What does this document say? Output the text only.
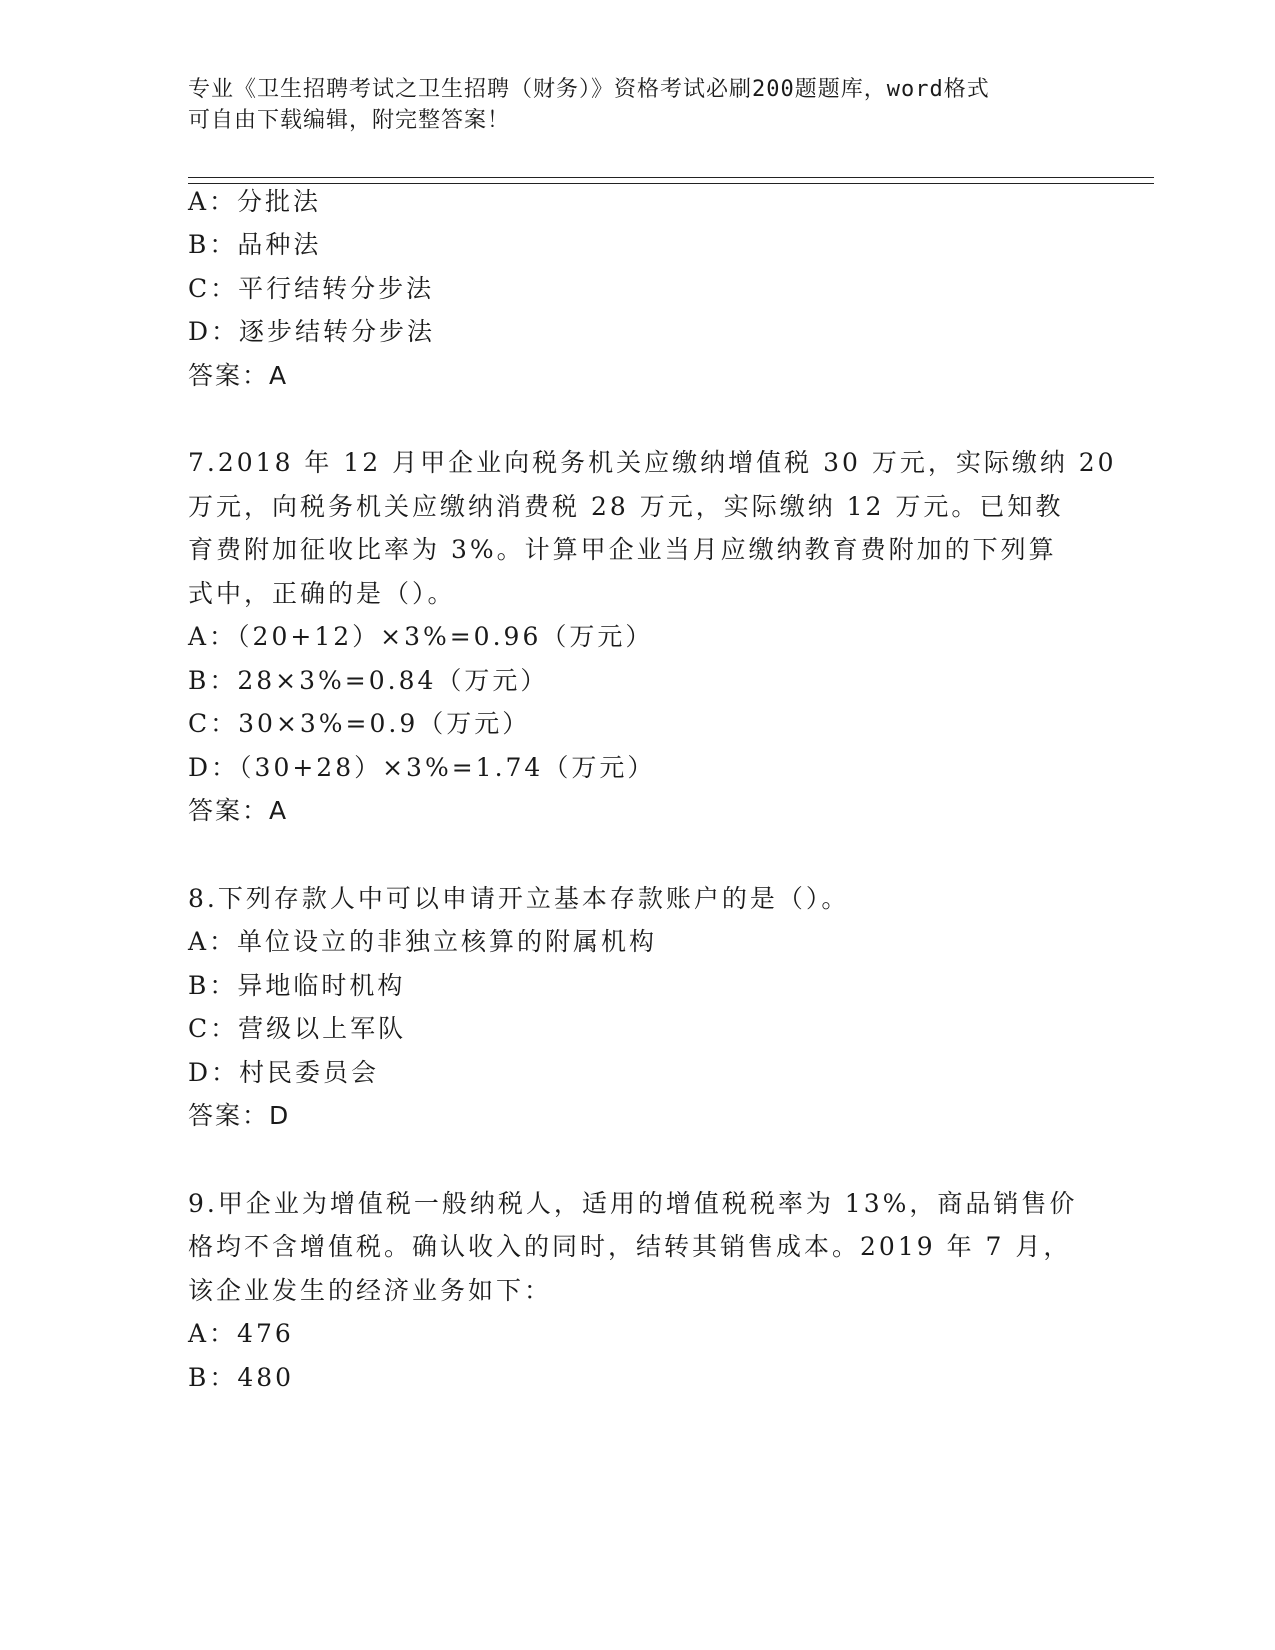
专业《卫生招聘考试之卫生招聘（财务）》资格考试必刷200题题库，word格式
可自由下载编辑，附完整答案！
A：分批法
B：品种法
C：平行结转分步法
D：逐步结转分步法
答案：A
7.2018 年 12 月甲企业向税务机关应缴纳增值税 30 万元，实际缴纳 20
万元，向税务机关应缴纳消费税 28 万元，实际缴纳 12 万元。已知教
育费附加征收比率为 3%。计算甲企业当月应缴纳教育费附加的下列算
式中，正确的是（）。
A：（20+12）×3%=0.96（万元）
B：28×3%=0.84（万元）
C：30×3%=0.9（万元）
D：（30+28）×3%=1.74（万元）
答案：A
8.下列存款人中可以申请开立基本存款账户的是（）。
A：单位设立的非独立核算的附属机构
B：异地临时机构
C：营级以上军队
D：村民委员会
答案：D
9.甲企业为增值税一般纳税人，适用的增值税税率为 13%，商品销售价
格均不含增值税。确认收入的同时，结转其销售成本。2019 年 7 月，
该企业发生的经济业务如下：
A：476
B：480
